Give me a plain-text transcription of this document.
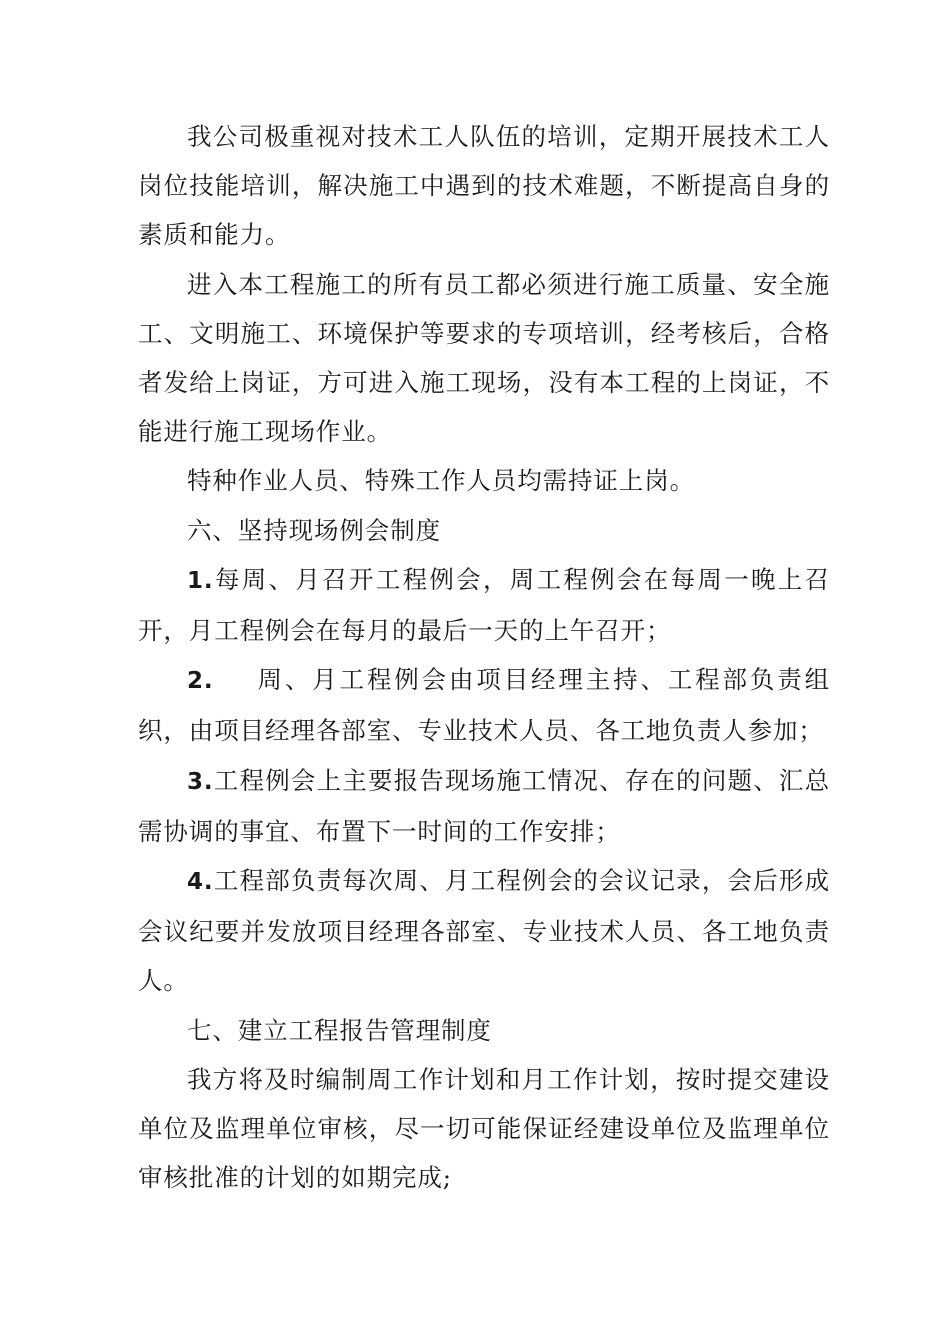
我公司极重视对技术工人队伍的培训，定期开展技术工人岗位技能培训，解决施工中遇到的技术难题，不断提高自身的素质和能力。

进入本工程施工的所有员工都必须进行施工质量、安全施工、文明施工、环境保护等要求的专项培训，经考核后，合格者发给上岗证，方可进入施工现场，没有本工程的上岗证，不能进行施工现场作业。

特种作业人员、特殊工作人员均需持证上岗。

六、坚持现场例会制度

1.每周、月召开工程例会，周工程例会在每周一晚上召开，月工程例会在每月的最后一天的上午召开；

2. 周、月工程例会由项目经理主持、工程部负责组织，由项目经理各部室、专业技术人员、各工地负责人参加；

3.工程例会上主要报告现场施工情况、存在的问题、汇总需协调的事宜、布置下一时间的工作安排；

4.工程部负责每次周、月工程例会的会议记录，会后形成会议纪要并发放项目经理各部室、专业技术人员、各工地负责人。

七、建立工程报告管理制度

我方将及时编制周工作计划和月工作计划，按时提交建设单位及监理单位审核，尽一切可能保证经建设单位及监理单位审核批准的计划的如期完成;
